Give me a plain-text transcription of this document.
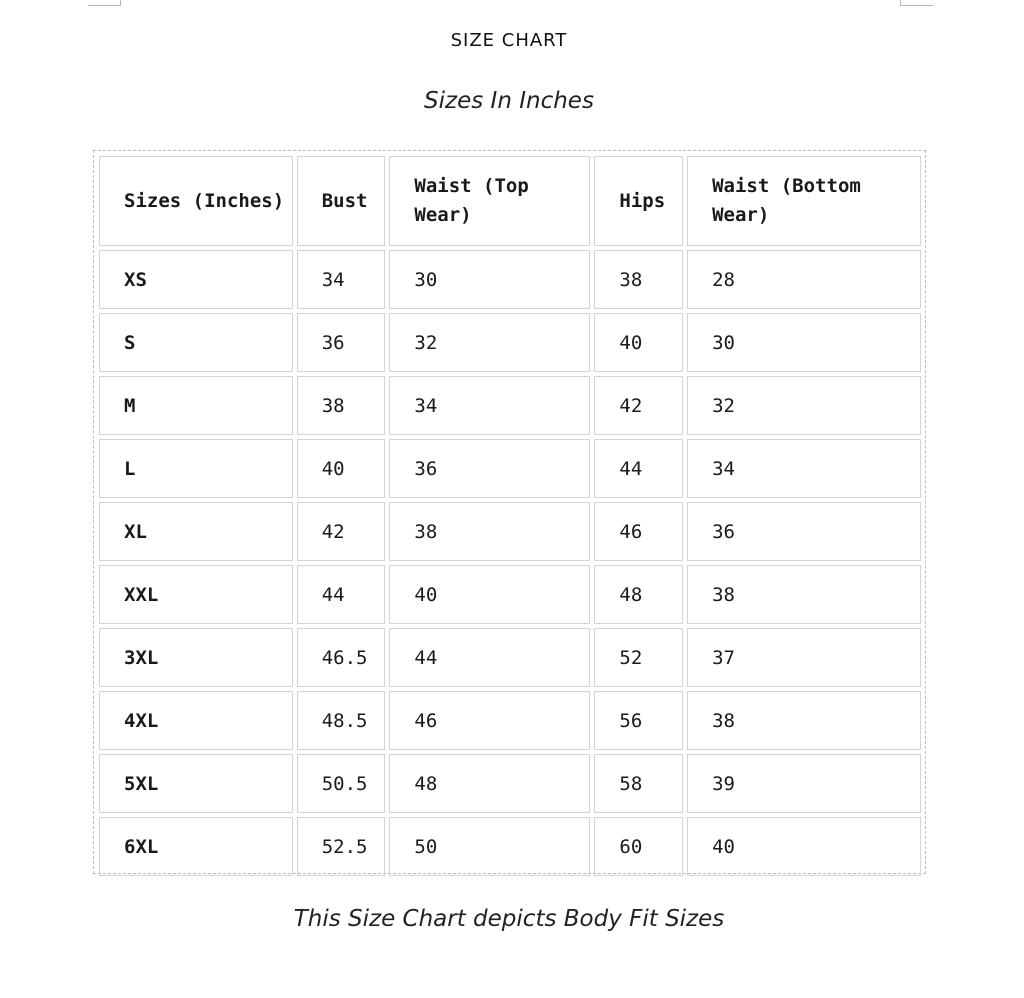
SIZE CHART
Sizes In Inches
Sizes (Inches)	Bust	Waist (Top Wear)	Hips	Waist (Bottom Wear)
XS	34	30	38	28
S	36	32	40	30
M	38	34	42	32
L	40	36	44	34
XL	42	38	46	36
XXL	44	40	48	38
3XL	46.5	44	52	37
4XL	48.5	46	56	38
5XL	50.5	48	58	39
6XL	52.5	50	60	40
This Size Chart depicts Body Fit Sizes
